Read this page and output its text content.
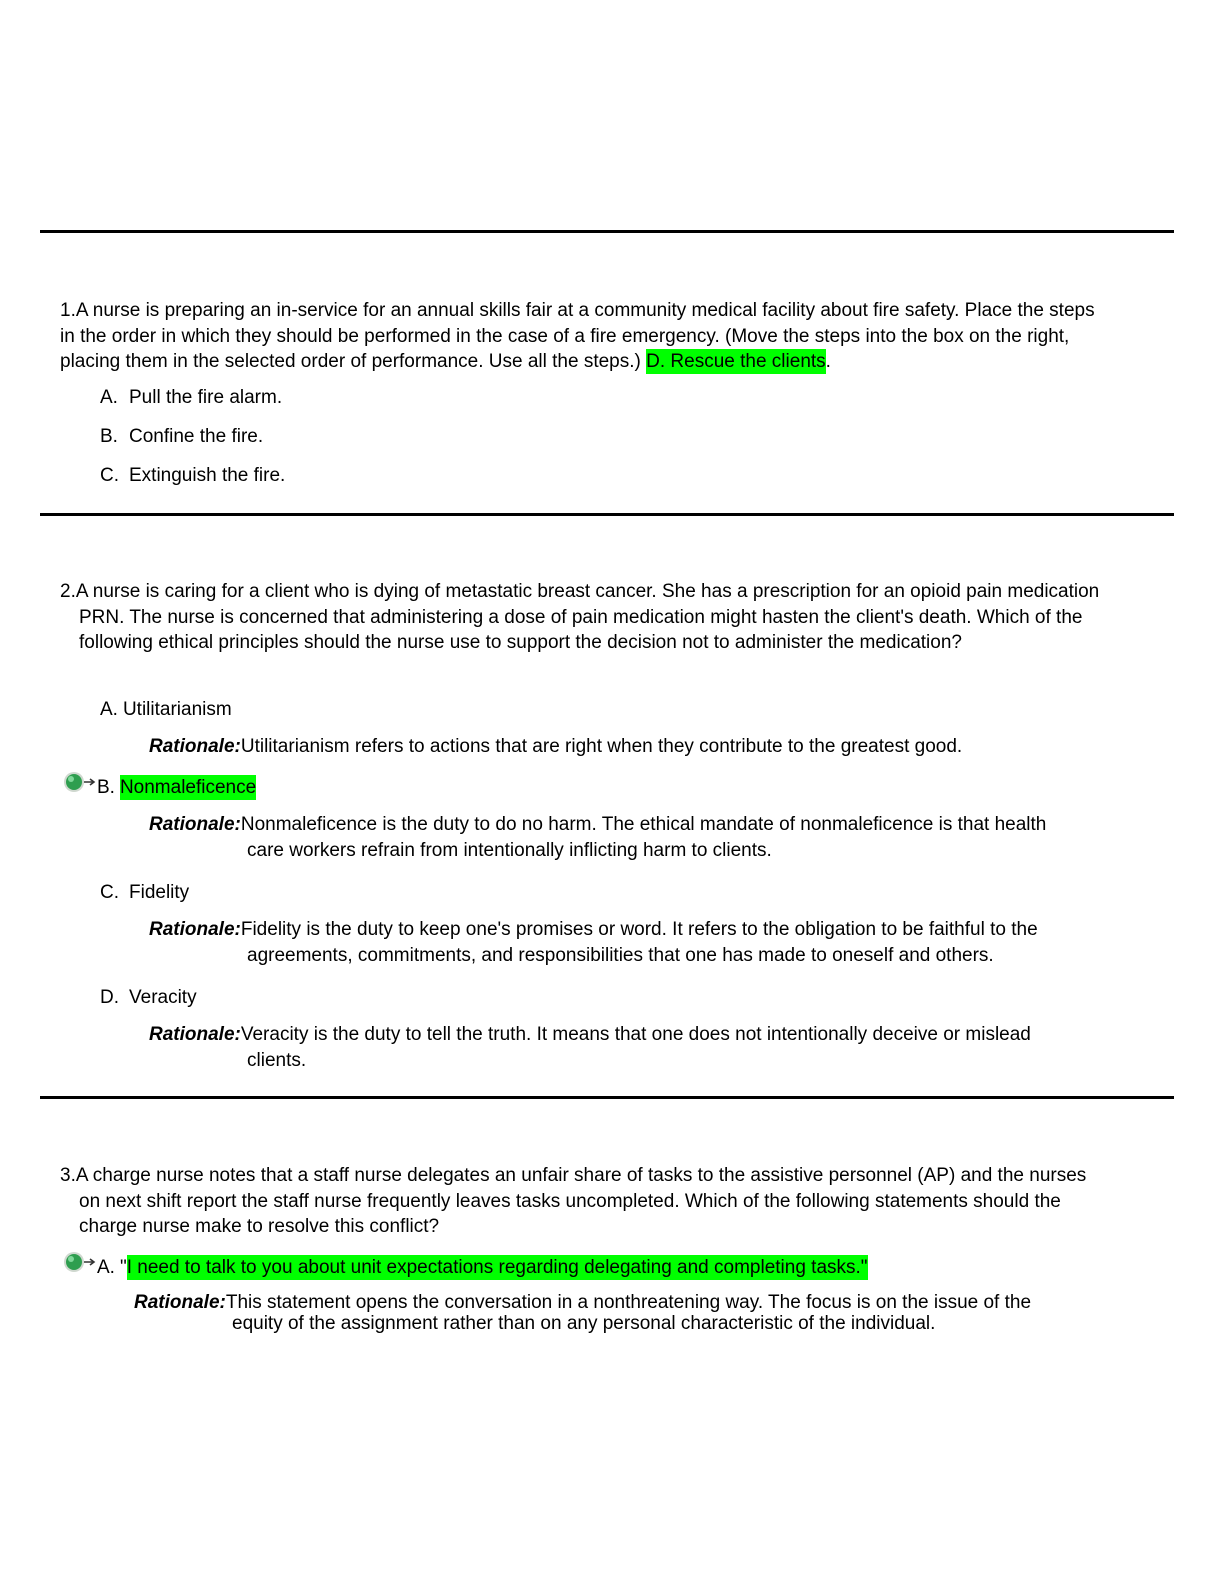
1.A nurse is preparing an in-service for an annual skills fair at a community medical facility about fire safety. Place the steps in the order in which they should be performed in the case of a fire emergency. (Move the steps into the box on the right, placing them in the selected order of performance. Use all the steps.) D. Rescue the clients.
A. Pull the fire alarm.
B. Confine the fire.
C. Extinguish the fire.
2.A nurse is caring for a client who is dying of metastatic breast cancer. She has a prescription for an opioid pain medication PRN. The nurse is concerned that administering a dose of pain medication might hasten the client's death. Which of the following ethical principles should the nurse use to support the decision not to administer the medication?
A. Utilitarianism
Rationale:Utilitarianism refers to actions that are right when they contribute to the greatest good.
B. Nonmaleficence
Rationale:Nonmaleficence is the duty to do no harm. The ethical mandate of nonmaleficence is that health
care workers refrain from intentionally inflicting harm to clients.
C. Fidelity
Rationale:Fidelity is the duty to keep one's promises or word. It refers to the obligation to be faithful to the
agreements, commitments, and responsibilities that one has made to oneself and others.
D. Veracity
Rationale:Veracity is the duty to tell the truth. It means that one does not intentionally deceive or mislead
clients.
3.A charge nurse notes that a staff nurse delegates an unfair share of tasks to the assistive personnel (AP) and the nurses on next shift report the staff nurse frequently leaves tasks uncompleted. Which of the following statements should the charge nurse make to resolve this conflict?
A. "I need to talk to you about unit expectations regarding delegating and completing tasks."
Rationale:This statement opens the conversation in a nonthreatening way. The focus is on the issue of the
equity of the assignment rather than on any personal characteristic of the individual.
